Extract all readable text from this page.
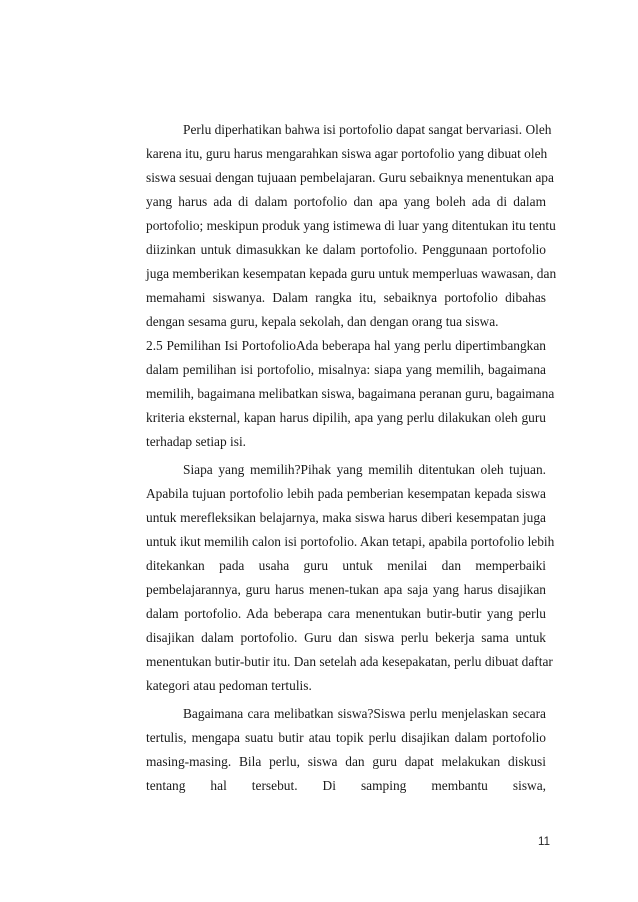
Perlu diperhatikan bahwa isi portofolio dapat sangat bervariasi. Oleh
karena itu, guru harus mengarahkan siswa agar portofolio yang dibuat oleh
siswa sesuai dengan tujuaan pembelajaran. Guru sebaiknya menentukan apa
yang harus ada di dalam portofolio dan apa yang boleh ada di dalam
portofolio; meskipun produk yang istimewa di luar yang ditentukan itu tentu
diizinkan untuk dimasukkan ke dalam portofolio. Penggunaan portofolio
juga memberikan kesempatan kepada guru untuk memperluas wawasan, dan
memahami siswanya. Dalam rangka itu, sebaiknya portofolio dibahas
dengan sesama guru, kepala sekolah, dan dengan orang tua siswa.
2.5 Pemilihan Isi PortofolioAda beberapa hal yang perlu dipertimbangkan
dalam pemilihan isi portofolio, misalnya: siapa yang memilih, bagaimana
memilih, bagaimana melibatkan siswa, bagaimana peranan guru, bagaimana
kriteria eksternal, kapan harus dipilih, apa yang perlu dilakukan oleh guru
terhadap setiap isi.
Siapa yang memilih?Pihak yang memilih ditentukan oleh tujuan.
Apabila tujuan portofolio lebih pada pemberian kesempatan kepada siswa
untuk merefleksikan belajarnya, maka siswa harus diberi kesempatan juga
untuk ikut memilih calon isi portofolio. Akan tetapi, apabila portofolio lebih
ditekankan pada usaha guru untuk menilai dan memperbaiki
pembelajarannya, guru harus menen-tukan apa saja yang harus disajikan
dalam portofolio. Ada beberapa cara menentukan butir-butir yang perlu
disajikan dalam portofolio. Guru dan siswa perlu bekerja sama untuk
menentukan butir-butir itu. Dan setelah ada kesepakatan, perlu dibuat daftar
kategori atau pedoman tertulis.
Bagaimana cara melibatkan siswa?Siswa perlu menjelaskan secara
tertulis, mengapa suatu butir atau topik perlu disajikan dalam portofolio
masing-masing. Bila perlu, siswa dan guru dapat melakukan diskusi
tentang hal tersebut. Di samping membantu siswa,
11
